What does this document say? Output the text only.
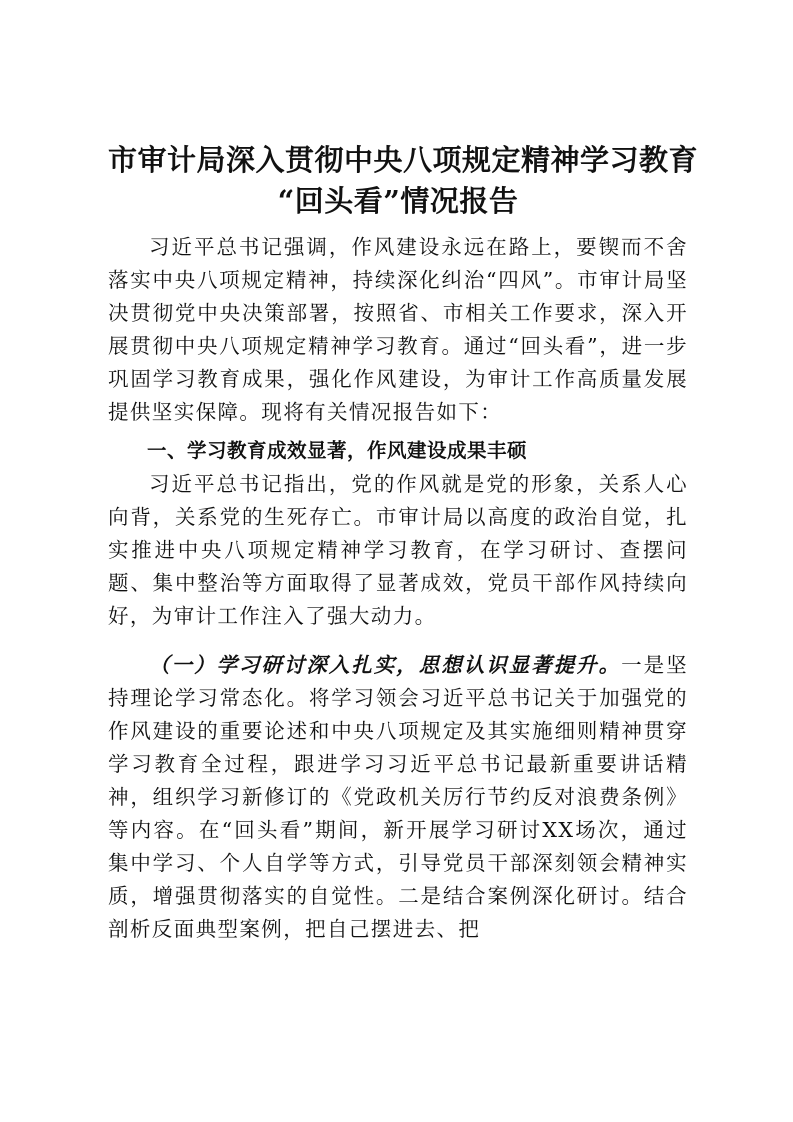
市审计局深入贯彻中央八项规定精神学习教育
“回头看”情况报告

习近平总书记强调，作风建设永远在路上，要锲而不舍落实中央八项规定精神，持续深化纠治“四风”。市审计局坚决贯彻党中央决策部署，按照省、市相关工作要求，深入开展贯彻中央八项规定精神学习教育。通过“回头看”，进一步巩固学习教育成果，强化作风建设，为审计工作高质量发展提供坚实保障。现将有关情况报告如下：

一、学习教育成效显著，作风建设成果丰硕

习近平总书记指出，党的作风就是党的形象，关系人心向背，关系党的生死存亡。市审计局以高度的政治自觉，扎实推进中央八项规定精神学习教育，在学习研讨、查摆问题、集中整治等方面取得了显著成效，党员干部作风持续向好，为审计工作注入了强大动力。

（一）学习研讨深入扎实，思想认识显著提升。一是坚持理论学习常态化。将学习领会习近平总书记关于加强党的作风建设的重要论述和中央八项规定及其实施细则精神贯穿学习教育全过程，跟进学习习近平总书记最新重要讲话精神，组织学习新修订的《党政机关厉行节约反对浪费条例》等内容。在“回头看”期间，新开展学习研讨XX场次，通过集中学习、个人自学等方式，引导党员干部深刻领会精神实质，增强贯彻落实的自觉性。二是结合案例深化研讨。结合剖析反面典型案例，把自己摆进去、把
